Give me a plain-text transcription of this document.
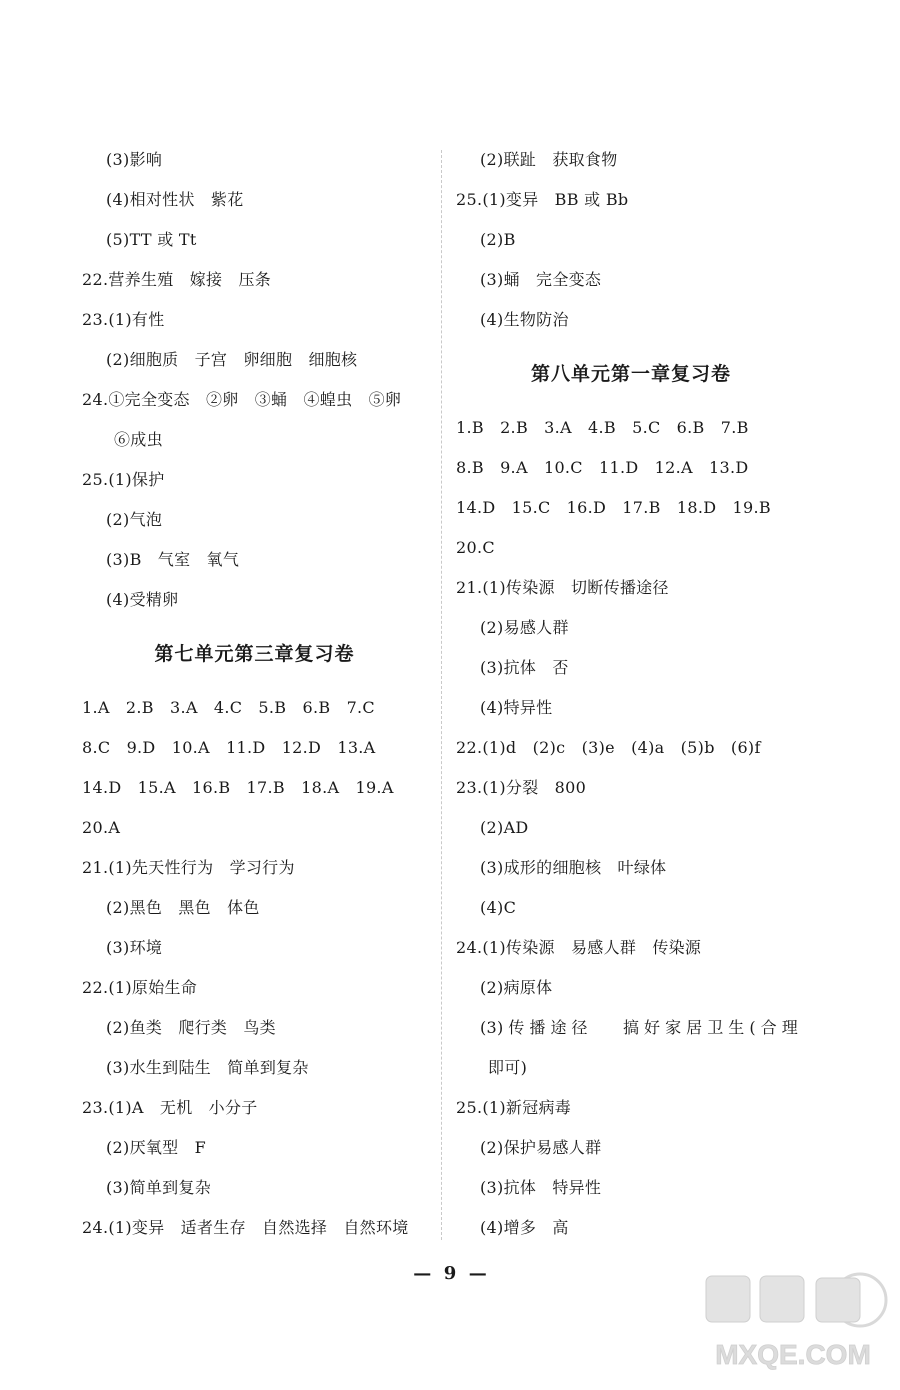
(3)影响
(4)相对性状   紫花
(5)TT 或 Tt
22.营养生殖   嫁接   压条
23.(1)有性
(2)细胞质   子宫   卵细胞   细胞核
24.①完全变态   ②卵   ③蛹   ④蝗虫   ⑤卵
⑥成虫
25.(1)保护
(2)气泡
(3)B   气室   氧气
(4)受精卵
第七单元第三章复习卷
1.A   2.B   3.A   4.C   5.B   6.B   7.C
8.C   9.D   10.A   11.D   12.D   13.A
14.D   15.A   16.B   17.B   18.A   19.A
20.A
21.(1)先天性行为   学习行为
(2)黑色   黑色   体色
(3)环境
22.(1)原始生命
(2)鱼类   爬行类   鸟类
(3)水生到陆生   简单到复杂
23.(1)A   无机   小分子
(2)厌氧型   F
(3)简单到复杂
24.(1)变异   适者生存   自然选择   自然环境
(2)联趾   获取食物
25.(1)变异   BB 或 Bb
(2)B
(3)蛹   完全变态
(4)生物防治
第八单元第一章复习卷
1.B   2.B   3.A   4.B   5.C   6.B   7.B
8.B   9.A   10.C   11.D   12.A   13.D
14.D   15.C   16.D   17.B   18.D   19.B
20.C
21.(1)传染源   切断传播途径
(2)易感人群
(3)抗体   否
(4)特异性
22.(1)d   (2)c   (3)e   (4)a   (5)b   (6)f
23.(1)分裂   800
(2)AD
(3)成形的细胞核   叶绿体
(4)C
24.(1)传染源   易感人群   传染源
(2)病原体
(3)传播途径   搞好家居卫生(合理
即可)
25.(1)新冠病毒
(2)保护易感人群
(3)抗体   特异性
(4)增多   高
—  9  —
MXQE.COM
